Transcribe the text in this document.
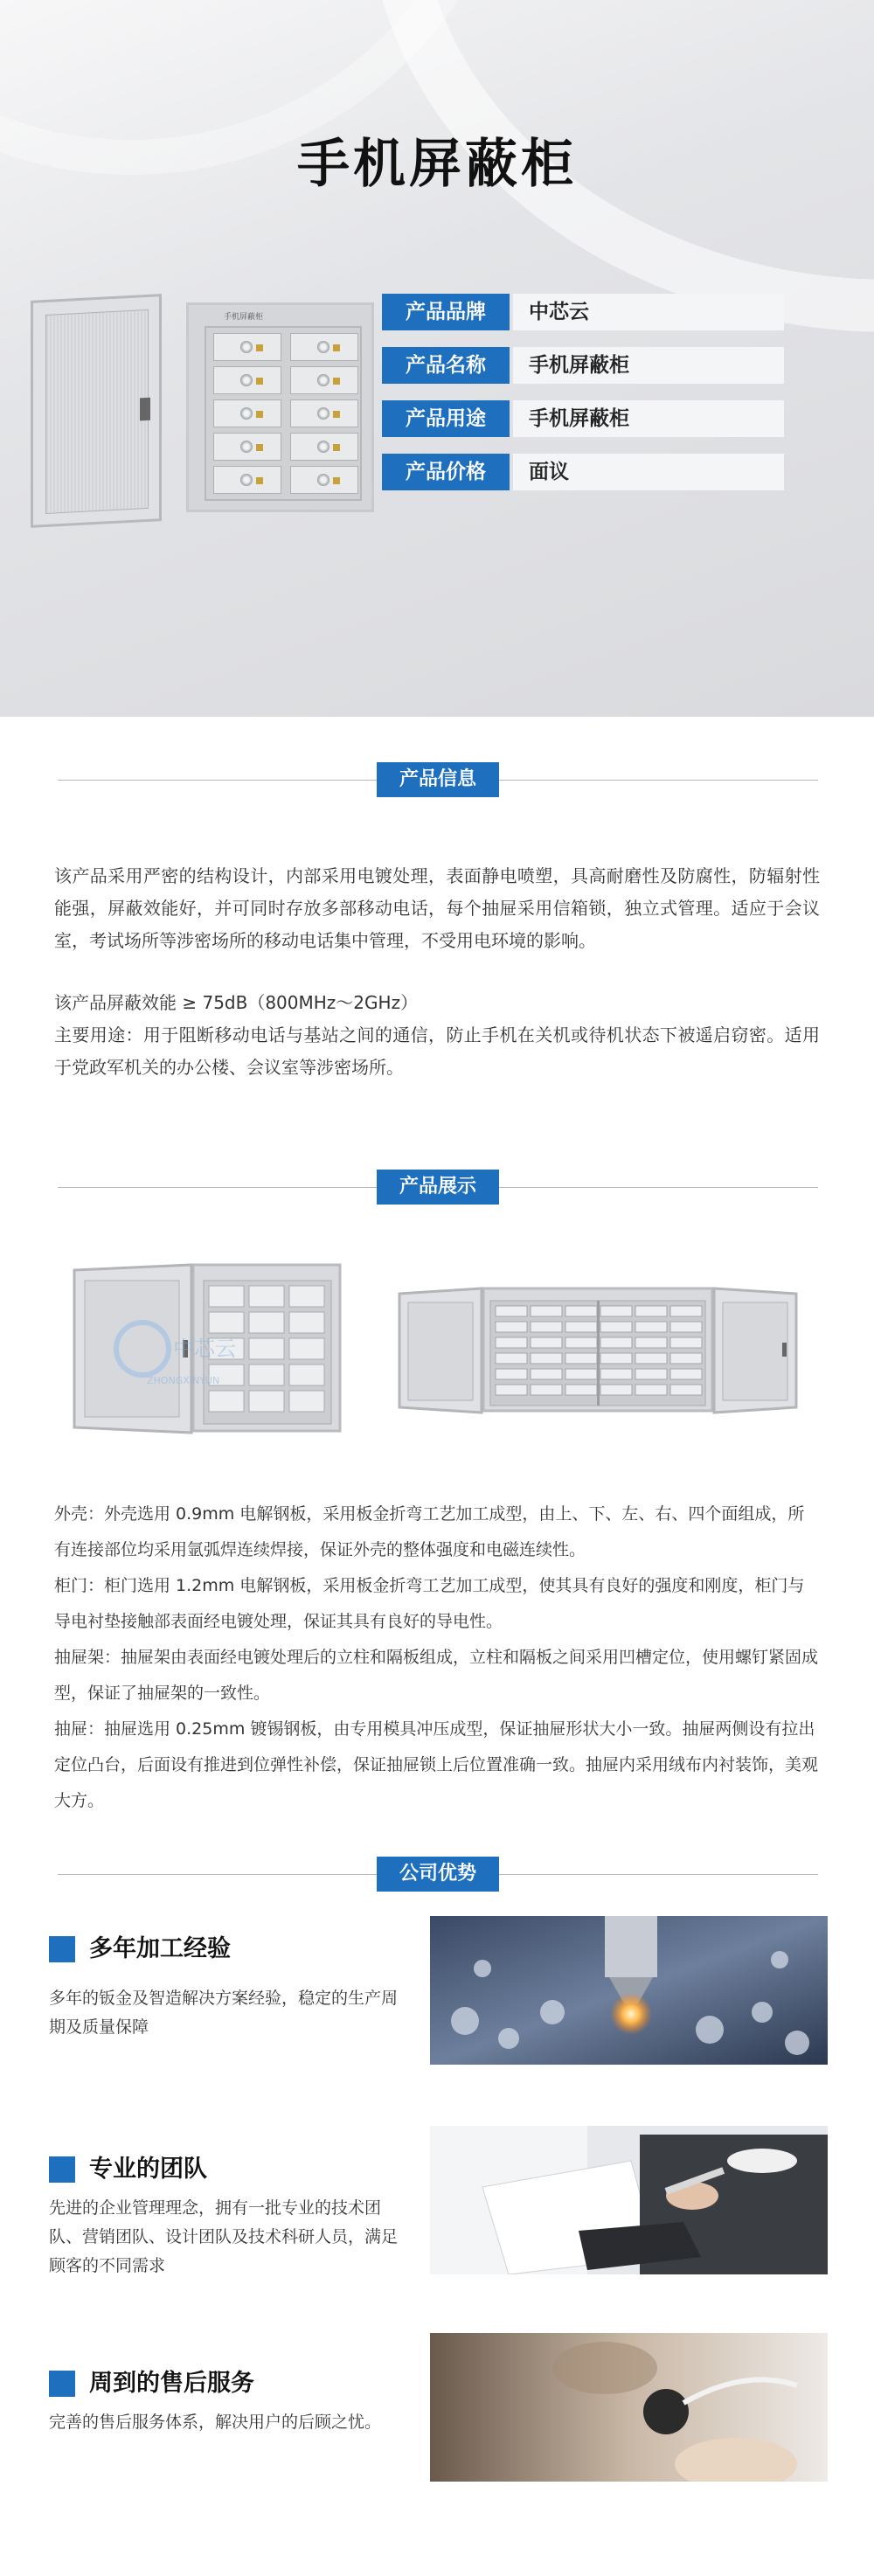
手机屏蔽柜
手机屏蔽柜	产品品牌	中芯云
产品名称	手机屏蔽柜
产品用途	手机屏蔽柜
产品价格	面议
产品信息

该产品采用严密的结构设计，内部采用电镀处理，表面静电喷塑，具高耐磨性及防腐性，防辐射性能强，屏蔽效能好，并可同时存放多部移动电话，每个抽屉采用信箱锁，独立式管理。适应于会议室，考试场所等涉密场所的移动电话集中管理，不受用电环境的影响。

该产品屏蔽效能 ≥ 75dB（800MHz～2GHz）

主要用途：用于阻断移动电话与基站之间的通信，防止手机在关机或待机状态下被遥启窃密。适用于党政军机关的办公楼、会议室等涉密场所。

产品展示
中芯云
ZHONGXINYUN

外壳：外壳选用 0.9mm 电解钢板，采用板金折弯工艺加工成型，由上、下、左、右、四个面组成，所有连接部位均采用氩弧焊连续焊接，保证外壳的整体强度和电磁连续性。

柜门：柜门选用 1.2mm 电解钢板，采用板金折弯工艺加工成型，使其具有良好的强度和刚度，柜门与导电衬垫接触部表面经电镀处理，保证其具有良好的导电性。

抽屉架：抽屉架由表面经电镀处理后的立柱和隔板组成，立柱和隔板之间采用凹槽定位，使用螺钉紧固成型，保证了抽屉架的一致性。

抽屉：抽屉选用 0.25mm 镀锡钢板，由专用模具冲压成型，保证抽屉形状大小一致。抽屉两侧设有拉出定位凸台，后面设有推进到位弹性补偿，保证抽屉锁上后位置准确一致。抽屉内采用绒布内衬装饰，美观大方。

公司优势
多年加工经验
多年的钣金及智造解决方案经验，稳定的生产周期及质量保障
专业的团队
先进的企业管理理念，拥有一批专业的技术团队、营销团队、设计团队及技术科研人员，满足顾客的不同需求
周到的售后服务
完善的售后服务体系，解决用户的后顾之忧。
